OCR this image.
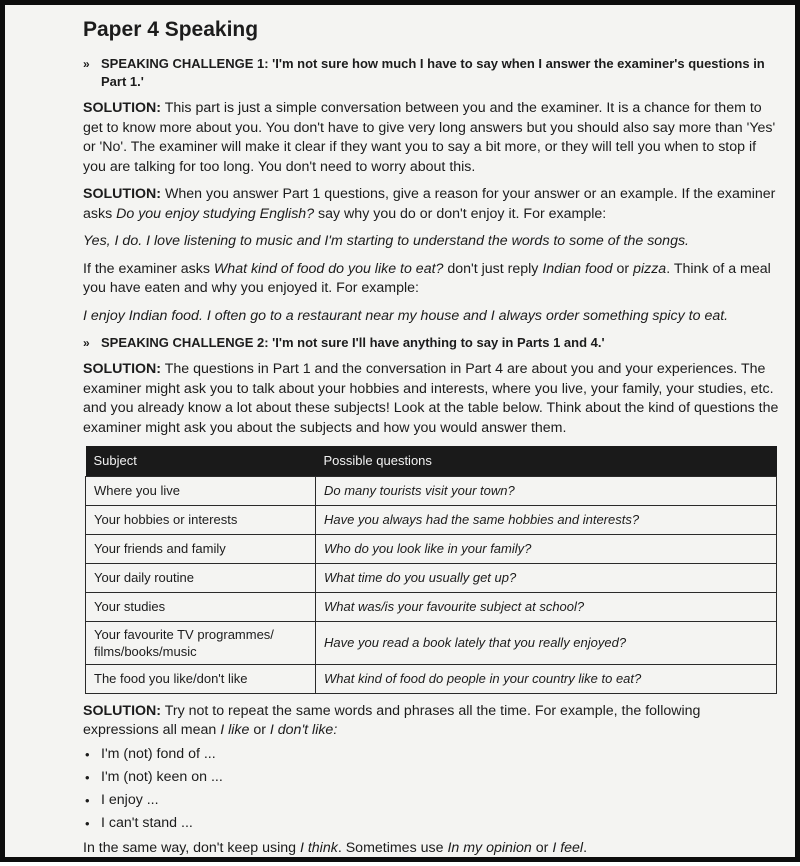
Paper 4 Speaking
» SPEAKING CHALLENGE 1: 'I'm not sure how much I have to say when I answer the examiner's questions in Part 1.'

SOLUTION: This part is just a simple conversation between you and the examiner. It is a chance for them to get to know more about you. You don't have to give very long answers but you should also say more than 'Yes' or 'No'. The examiner will make it clear if they want you to say a bit more, or they will tell you when to stop if you are talking for too long. You don't need to worry about this.

SOLUTION: When you answer Part 1 questions, give a reason for your answer or an example. If the examiner asks Do you enjoy studying English? say why you do or don't enjoy it. For example:

Yes, I do. I love listening to music and I'm starting to understand the words to some of the songs.

If the examiner asks What kind of food do you like to eat? don't just reply Indian food or pizza. Think of a meal you have eaten and why you enjoyed it. For example:

I enjoy Indian food. I often go to a restaurant near my house and I always order something spicy to eat.

» SPEAKING CHALLENGE 2: 'I'm not sure I'll have anything to say in Parts 1 and 4.'

SOLUTION: The questions in Part 1 and the conversation in Part 4 are about you and your experiences. The examiner might ask you to talk about your hobbies and interests, where you live, your family, your studies, etc. and you already know a lot about these subjects! Look at the table below. Think about the kind of questions the examiner might ask you about the subjects and how you would answer them.

Subject	Possible questions
Where you live	Do many tourists visit your town?
Your hobbies or interests	Have you always had the same hobbies and interests?
Your friends and family	Who do you look like in your family?
Your daily routine	What time do you usually get up?
Your studies	What was/is your favourite subject at school?
Your favourite TV programmes/ films/books/music	Have you read a book lately that you really enjoyed?
The food you like/don't like	What kind of food do people in your country like to eat?

SOLUTION: Try not to repeat the same words and phrases all the time. For example, the following expressions all mean I like or I don't like:

• I'm (not) fond of ...
• I'm (not) keen on ...
• I enjoy ...
• I can't stand ...

In the same way, don't keep using I think. Sometimes use In my opinion or I feel.
